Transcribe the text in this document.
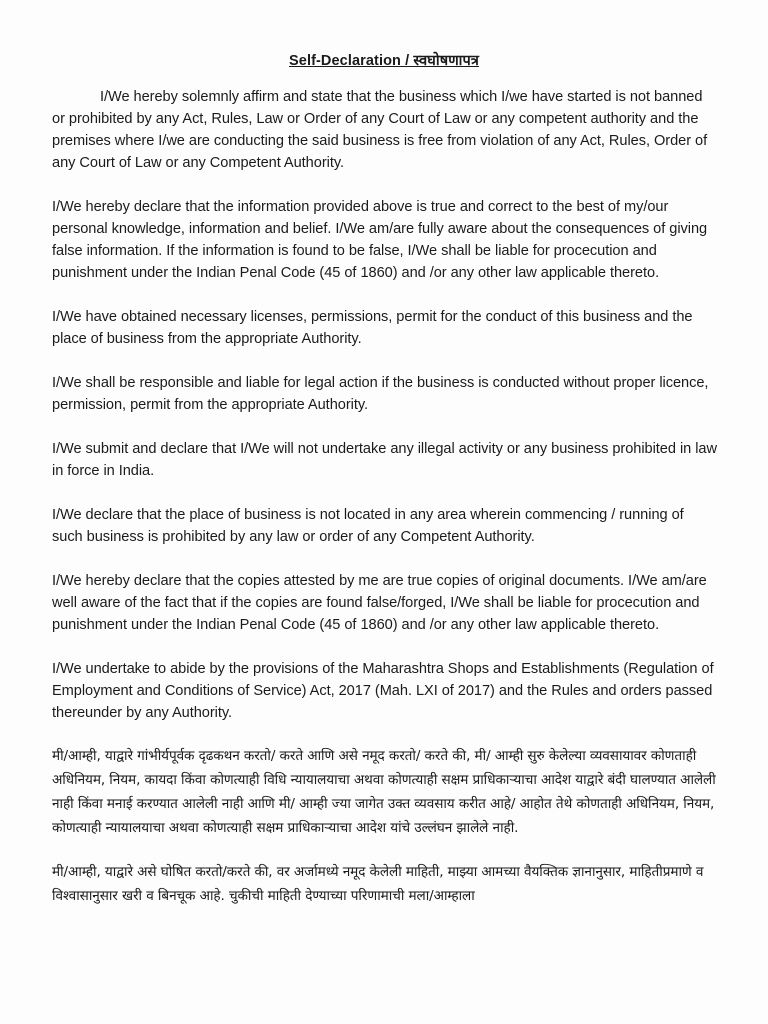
Self-Declaration / स्वघोषणापत्र

I/We hereby solemnly affirm and state that the business which I/we have started is not banned or prohibited by any Act, Rules, Law or Order of any Court of Law or any competent authority and the premises where I/we are conducting the said business is free from violation of any Act, Rules, Order of any Court of Law or any Competent Authority.

I/We hereby declare that the information provided above is true and correct to the best of my/our personal knowledge, information and belief. I/We am/are fully aware about the consequences of giving false information. If the information is found to be false, I/We shall be liable for procecution and punishment under the Indian Penal Code (45 of 1860) and /or any other law applicable thereto.

I/We have obtained necessary licenses, permissions, permit for the conduct of this business and the place of business from the appropriate Authority.

I/We shall be responsible and liable for legal action if the business is conducted without proper licence, permission, permit from the appropriate Authority.

I/We submit and declare that I/We will not undertake any illegal activity or any business prohibited in law in force in India.

I/We declare that the place of business is not located in any area wherein commencing / running of such business is prohibited by any law or order of any Competent Authority.

I/We hereby declare that the copies attested by me are true copies of original documents. I/We am/are well aware of the fact that if the copies are found false/forged, I/We shall be liable for procecution and punishment under the Indian Penal Code (45 of 1860) and /or any other law applicable thereto.

I/We undertake to abide by the provisions of the Maharashtra Shops and Establishments (Regulation of Employment and Conditions of Service) Act, 2017 (Mah. LXI of 2017) and the Rules and orders passed thereunder by any Authority.

मी/आम्ही, याद्वारे गांभीर्यपूर्वक दृढकथन करतो/ करते आणि असे नमूद करतो/ करते की, मी/ आम्ही सुरु केलेल्या व्यवसायावर कोणताही अधिनियम, नियम, कायदा किंवा कोणत्याही विधि न्यायालयाचा अथवा कोणत्याही सक्षम प्राधिकाऱ्याचा आदेश याद्वारे बंदी घालण्यात आलेली नाही किंवा मनाई करण्यात आलेली नाही आणि मी/ आम्ही ज्या जागेत उक्त व्यवसाय करीत आहे/ आहोत तेथे कोणताही अधिनियम, नियम, कोणत्याही न्यायालयाचा अथवा कोणत्याही सक्षम प्राधिकाऱ्याचा आदेश यांचे उल्लंघन झालेले नाही.

मी/आम्ही, याद्वारे असे घोषित करतो/करते की, वर अर्जामध्ये नमूद केलेली माहिती, माझ्या आमच्या वैयक्तिक ज्ञानानुसार, माहितीप्रमाणे व विश्वासानुसार खरी व बिनचूक आहे. चुकीची माहिती देण्याच्या परिणामाची मला/आम्हाला
